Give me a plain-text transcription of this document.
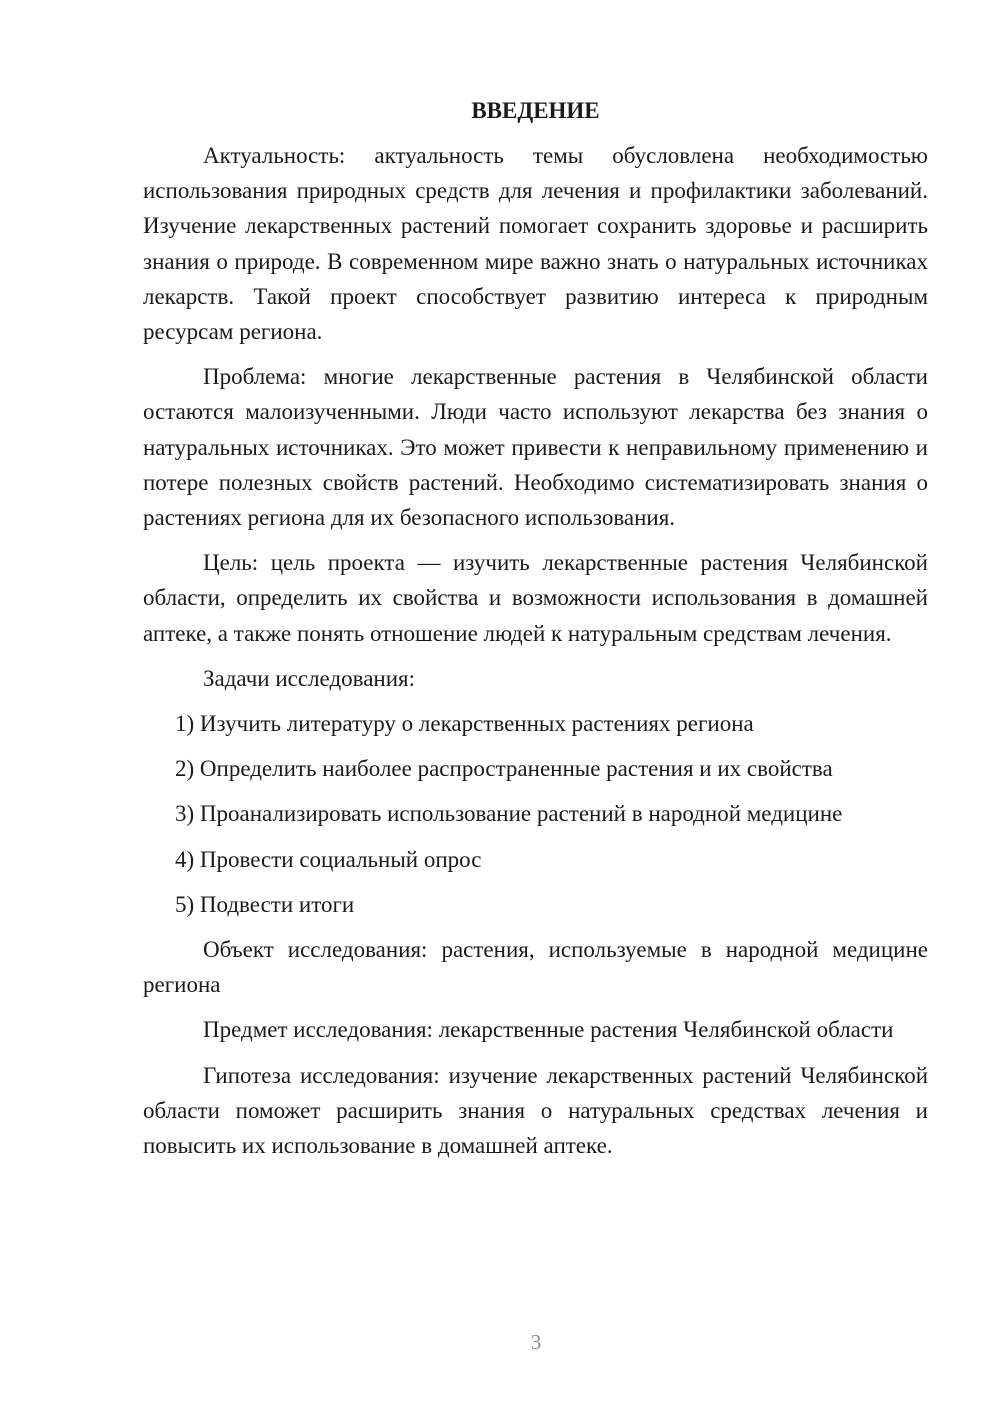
ВВЕДЕНИЕ

Актуальность: актуальность темы обусловлена необходимостью использования природных средств для лечения и профилактики заболеваний. Изучение лекарственных растений помогает сохранить здоровье и расширить знания о природе. В современном мире важно знать о натуральных источниках лекарств. Такой проект способствует развитию интереса к природным ресурсам региона.

Проблема: многие лекарственные растения в Челябинской области остаются малоизученными. Люди часто используют лекарства без знания о натуральных источниках. Это может привести к неправильному применению и потере полезных свойств растений. Необходимо систематизировать знания о растениях региона для их безопасного использования.

Цель: цель проекта — изучить лекарственные растения Челябинской области, определить их свойства и возможности использования в домашней аптеке, а также понять отношение людей к натуральным средствам лечения.

Задачи исследования:

1) Изучить литературу о лекарственных растениях региона
2) Определить наиболее распространенные растения и их свойства
3) Проанализировать использование растений в народной медицине
4) Провести социальный опрос
5) Подвести итоги

Объект исследования: растения, используемые в народной медицине региона

Предмет исследования: лекарственные растения Челябинской области

Гипотеза исследования: изучение лекарственных растений Челябинской области поможет расширить знания о натуральных средствах лечения и повысить их использование в домашней аптеке.

3
